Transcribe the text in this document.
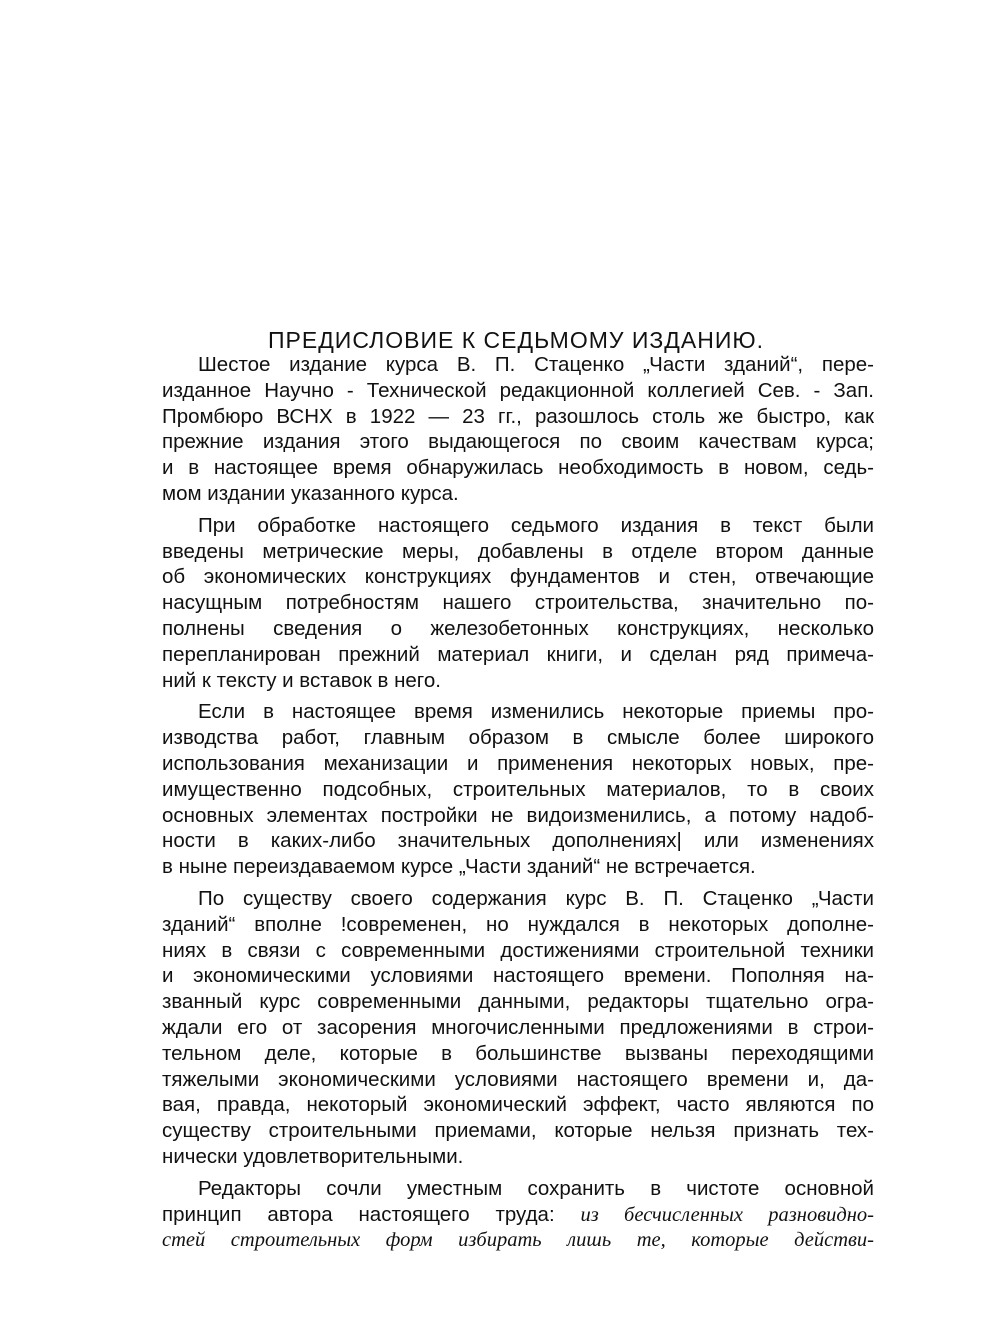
ПРЕДИСЛОВИЕ К СЕДЬМОМУ ИЗДАНИЮ.
Шестое издание курса В. П. Стаценко „Части зданий“, пере-
изданное Научно - Технической редакционной коллегией Сев. - Зап.
Промбюро ВСНХ в 1922 — 23 гг., разошлось столь же быстро, как
прежние издания этого выдающегося по своим качествам курса;
и в настоящее время обнаружилась необходимость в новом, седь-
мом издании указанного курса.
При обработке настоящего седьмого издания в текст были
введены метрические меры, добавлены в отделе втором данные
об экономических конструкциях фундаментов и стен, отвечающие
насущным потребностям нашего строительства, значительно по-
полнены сведения о железобетонных конструкциях, несколько
перепланирован прежний материал книги, и сделан ряд примеча-
ний к тексту и вставок в него.
Если в настоящее время изменились некоторые приемы про-
изводства работ, главным образом в смысле более широкого
использования механизации и применения некоторых новых, пре-
имущественно подсобных, строительных материалов, то в своих
основных элементах постройки не видоизменились, а потому надоб-
ности в каких-либо значительных дополнениях| или изменениях
в ныне переиздаваемом курсе „Части зданий“ не встречается.
По существу своего содержания курс В. П. Стаценко „Части
зданий“ вполне !современен, но нуждался в некоторых дополне-
ниях в связи с современными достижениями строительной техники
и экономическими условиями настоящего времени. Пополняя на-
званный курс современными данными, редакторы тщательно огра-
ждали его от засорения многочисленными предложениями в строи-
тельном деле, которые в большинстве вызваны переходящими
тяжелыми экономическими условиями настоящего времени и, да-
вая, правда, некоторый экономический эффект, часто являются по
существу строительными приемами, которые нельзя признать тех-
нически удовлетворительными.
Редакторы сочли уместным сохранить в чистоте основной
принцип автора настоящего труда: из бесчисленных разновидно-
стей строительных форм избирать лишь те, которые действи-
